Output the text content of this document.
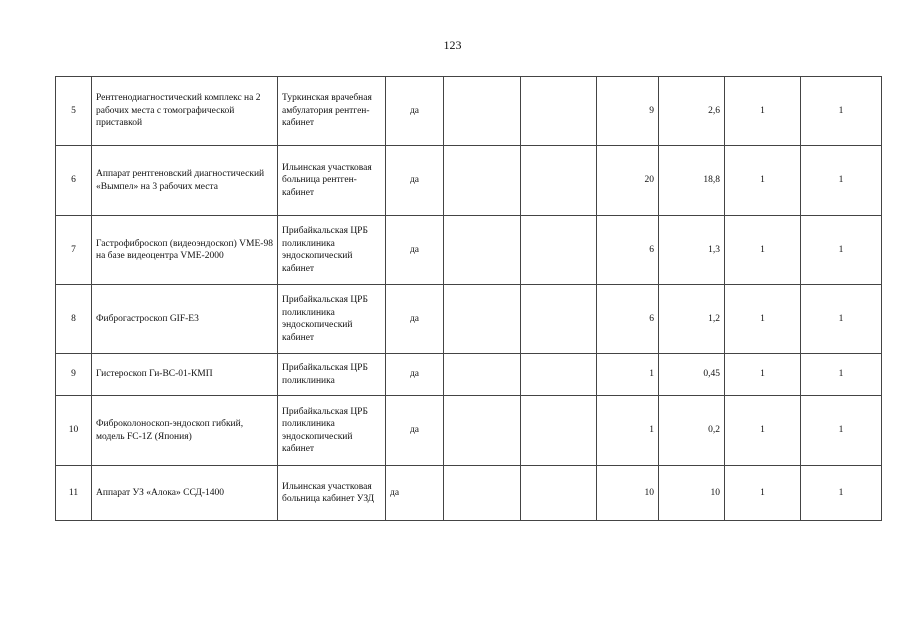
123
5	Рентгенодиагностический комплекс на 2 рабочих места с томографической приставкой	Туркинская врачебная амбулатория рентген-кабинет	да			9	2,6	1	1
6	Аппарат рентгеновский диагностический «Вымпел» на 3 рабочих места	Ильинская участковая больница рентген-кабинет	да			20	18,8	1	1
7	Гастрофиброскоп (видеоэндоскоп) VME-98 на базе видеоцентра VME-2000	Прибайкальская ЦРБ поликлиника эндоскопический кабинет	да			6	1,3	1	1
8	Фиброгастроскоп GIF-E3	Прибайкальская ЦРБ поликлиника эндоскопический кабинет	да			6	1,2	1	1
9	Гистероскоп Ги-ВС-01-КМП	Прибайкальская ЦРБ поликлиника	да			1	0,45	1	1
10	Фиброколоноскоп-эндоскоп гибкий, модель FC-1Z (Япония)	Прибайкальская ЦРБ поликлиника эндоскопический кабинет	да			1	0,2	1	1
11	Аппарат УЗ «Алока» ССД-1400	Ильинская участковая больница кабинет УЗД	да			10	10	1	1
